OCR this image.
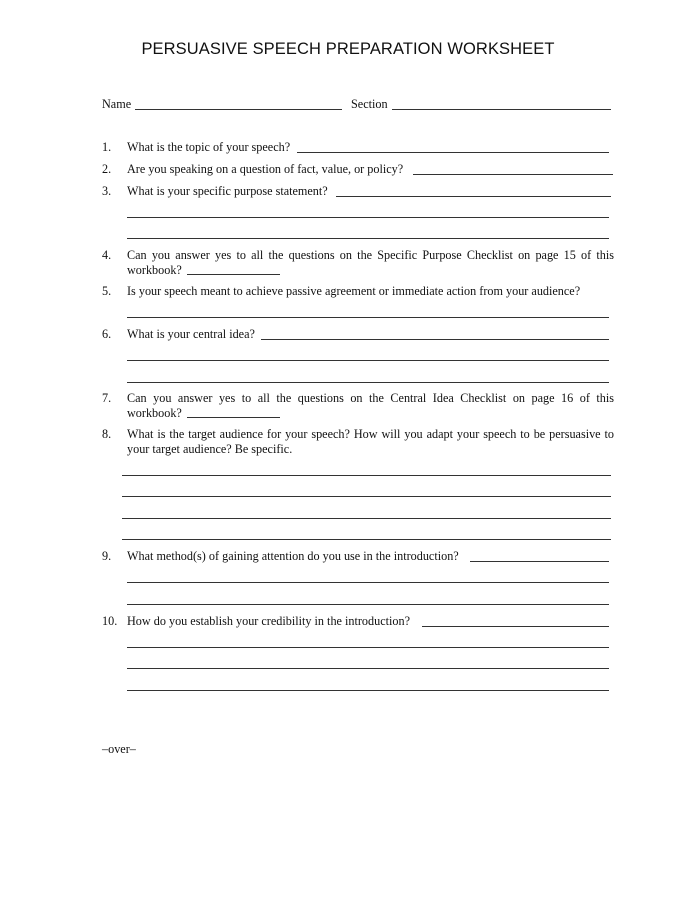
PERSUASIVE SPEECH PREPARATION WORKSHEET
Name	Section
1. What is the topic of your speech?
2. Are you speaking on a question of fact, value, or policy?
3. What is your specific purpose statement?
4. Can you answer yes to all the questions on the Specific Purpose Checklist on page 15 of this
workbook?
5. Is your speech meant to achieve passive agreement or immediate action from your audience?
6. What is your central idea?
7. Can you answer yes to all the questions on the Central Idea Checklist on page 16 of this
workbook?
8. What is the target audience for your speech? How will you adapt your speech to be persuasive to
your target audience? Be specific.
9. What method(s) of gaining attention do you use in the introduction?
10. How do you establish your credibility in the introduction?
–over–
